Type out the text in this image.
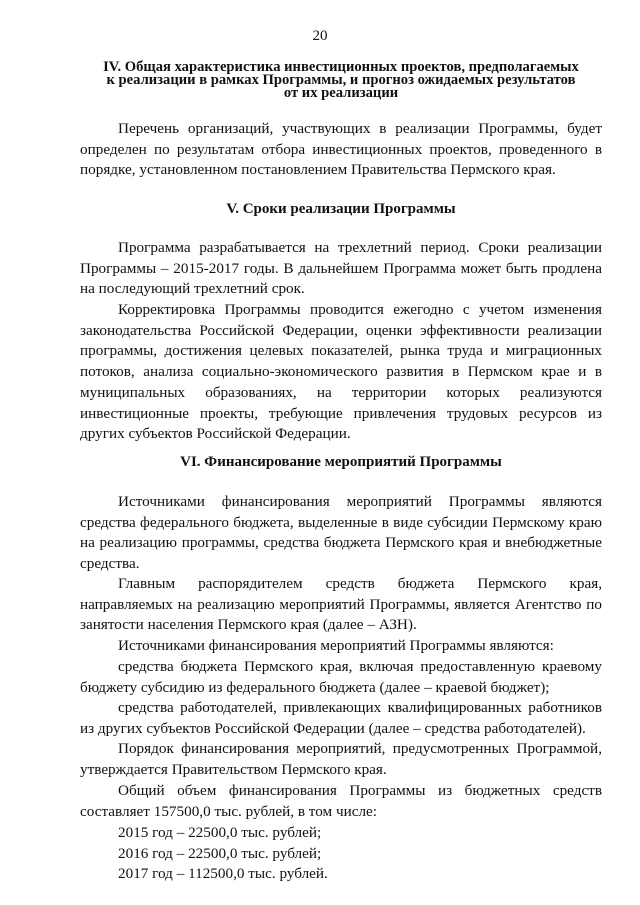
20
IV. Общая характеристика инвестиционных проектов, предполагаемых
к реализации в рамках Программы, и прогноз ожидаемых результатов
от их реализации

Перечень организаций, участвующих в реализации Программы, будет определен по результатам отбора инвестиционных проектов, проведенного в порядке, установленном постановлением Правительства Пермского края.

V. Сроки реализации Программы

Программа разрабатывается на трехлетний период. Сроки реализации Программы – 2015-2017 годы. В дальнейшем Программа может быть продлена на последующий трехлетний срок.

Корректировка Программы проводится ежегодно с учетом изменения законодательства Российской Федерации, оценки эффективности реализации программы, достижения целевых показателей, рынка труда и миграционных потоков, анализа социально-экономического развития в Пермском крае и в муниципальных образованиях, на территории которых реализуются инвестиционные проекты, требующие привлечения трудовых ресурсов из других субъектов Российской Федерации.

VI. Финансирование мероприятий Программы

Источниками финансирования мероприятий Программы являются средства федерального бюджета, выделенные в виде субсидии Пермскому краю на реализацию программы, средства бюджета Пермского края и внебюджетные средства.

Главным распорядителем средств бюджета Пермского края, направляемых на реализацию мероприятий Программы, является Агентство по занятости населения Пермского края (далее – АЗН).

Источниками финансирования мероприятий Программы являются:

средства бюджета Пермского края, включая предоставленную краевому бюджету субсидию из федерального бюджета (далее – краевой бюджет);

средства работодателей, привлекающих квалифицированных работников из других субъектов Российской Федерации (далее – средства работодателей).

Порядок финансирования мероприятий, предусмотренных Программой, утверждается Правительством Пермского края.

Общий объем финансирования Программы из бюджетных средств составляет 157500,0 тыс. рублей, в том числе:

2015 год – 22500,0 тыс. рублей;

2016 год – 22500,0 тыс. рублей;

2017 год – 112500,0 тыс. рублей.
